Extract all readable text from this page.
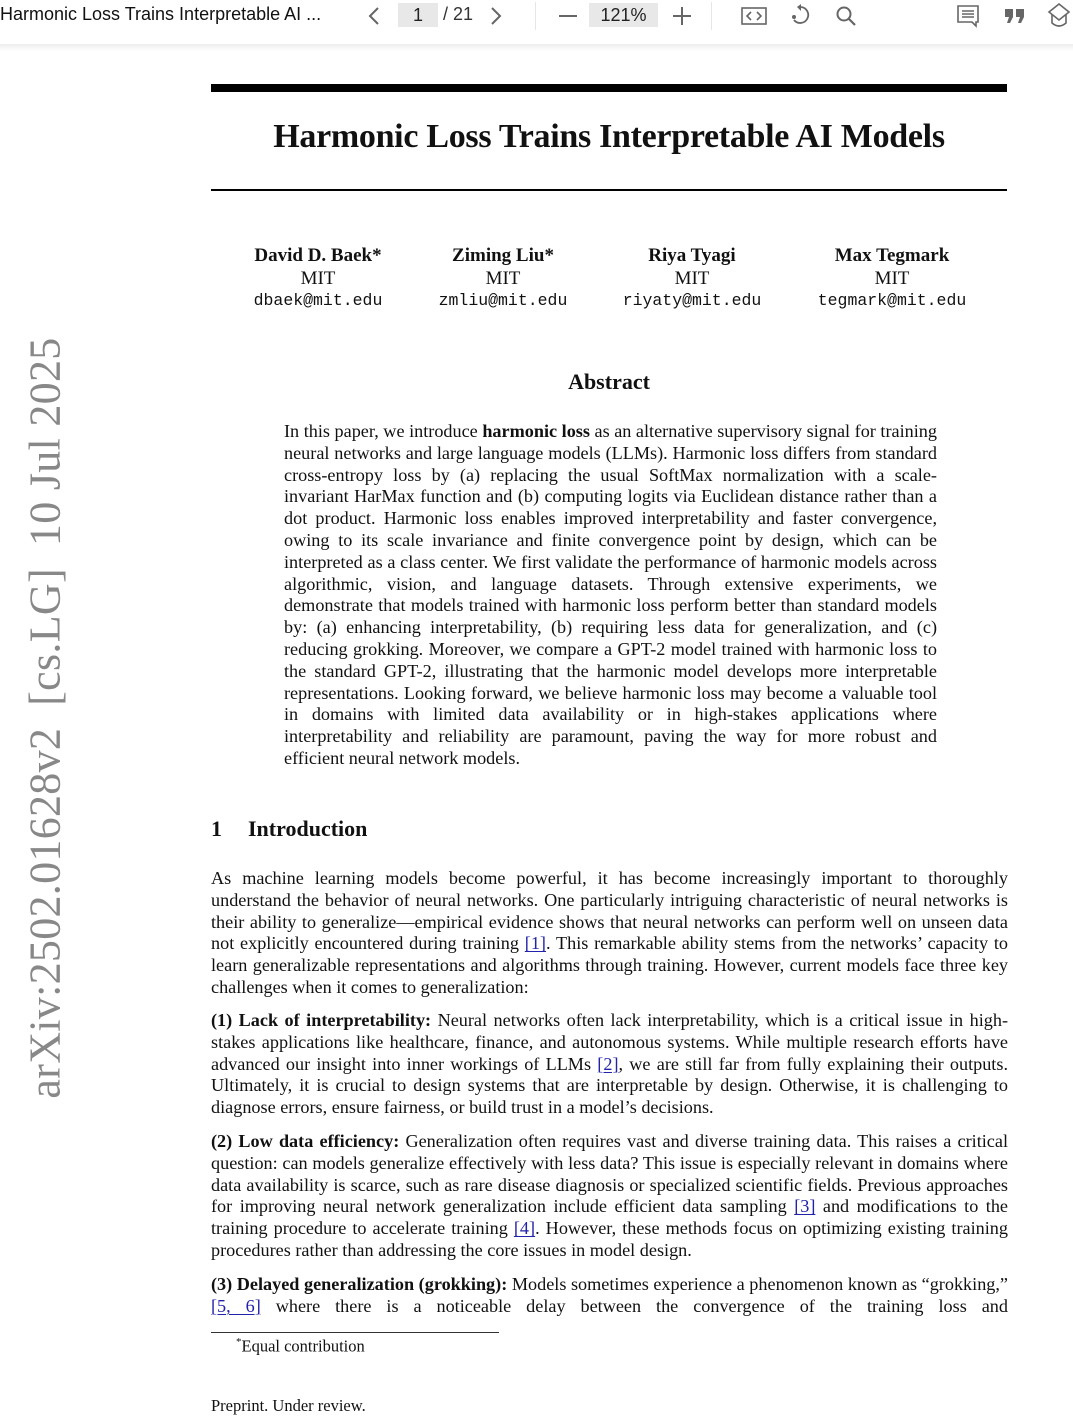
Harmonic Loss Trains Interpretable AI ...	1	/ 21	121%
arXiv:2502.01628v2[cs.LG]10 Jul 2025
Harmonic Loss Trains Interpretable AI Models
David D. Baek*
MIT
dbaek@mit.edu
Ziming Liu*
MIT
zmliu@mit.edu
Riya Tyagi
MIT
riyaty@mit.edu
Max Tegmark
MIT
tegmark@mit.edu
Abstract
In this paper, we introduce harmonic loss as an alternative supervisory signal for training neural networks and large language models (LLMs). Harmonic loss differs from standard cross-entropy loss by (a) replacing the usual SoftMax normalization with a scale-invariant HarMax function and (b) computing logits via Euclidean distance rather than a dot product. Harmonic loss enables improved interpretability and faster convergence, owing to its scale invariance and finite convergence point by design, which can be interpreted as a class center. We first validate the performance of harmonic models across algorithmic, vision, and language datasets. Through extensive experiments, we demonstrate that models trained with harmonic loss perform better than standard models by: (a) enhancing interpretability, (b) requiring less data for generalization, and (c) reducing grokking. Moreover, we compare a GPT-2 model trained with harmonic loss to the standard GPT-2, illustrating that the harmonic model develops more interpretable representations. Looking forward, we believe harmonic loss may become a valuable tool in domains with limited data availability or in high-stakes applications where interpretability and reliability are paramount, paving the way for more robust and efficient neural network models.
1 Introduction
As machine learning models become powerful, it has become increasingly important to thoroughly understand the behavior of neural networks. One particularly intriguing characteristic of neural networks is their ability to generalize—empirical evidence shows that neural networks can perform well on unseen data not explicitly encountered during training [1]. This remarkable ability stems from the networks’ capacity to learn generalizable representations and algorithms through training. However, current models face three key challenges when it comes to generalization:
(1) Lack of interpretability: Neural networks often lack interpretability, which is a critical issue in high-stakes applications like healthcare, finance, and autonomous systems. While multiple research efforts have advanced our insight into inner workings of LLMs [2], we are still far from fully explaining their outputs. Ultimately, it is crucial to design systems that are interpretable by design. Otherwise, it is challenging to diagnose errors, ensure fairness, or build trust in a model’s decisions.
(2) Low data efficiency: Generalization often requires vast and diverse training data. This raises a critical question: can models generalize effectively with less data? This issue is especially relevant in domains where data availability is scarce, such as rare disease diagnosis or specialized scientific fields. Previous approaches for improving neural network generalization include efficient data sampling [3] and modifications to the training procedure to accelerate training [4]. However, these methods focus on optimizing existing training procedures rather than addressing the core issues in model design.
(3) Delayed generalization (grokking): Models sometimes experience a phenomenon known as “grokking,” [5, 6] where there is a noticeable delay between the convergence of the training loss and
*Equal contribution
Preprint. Under review.
